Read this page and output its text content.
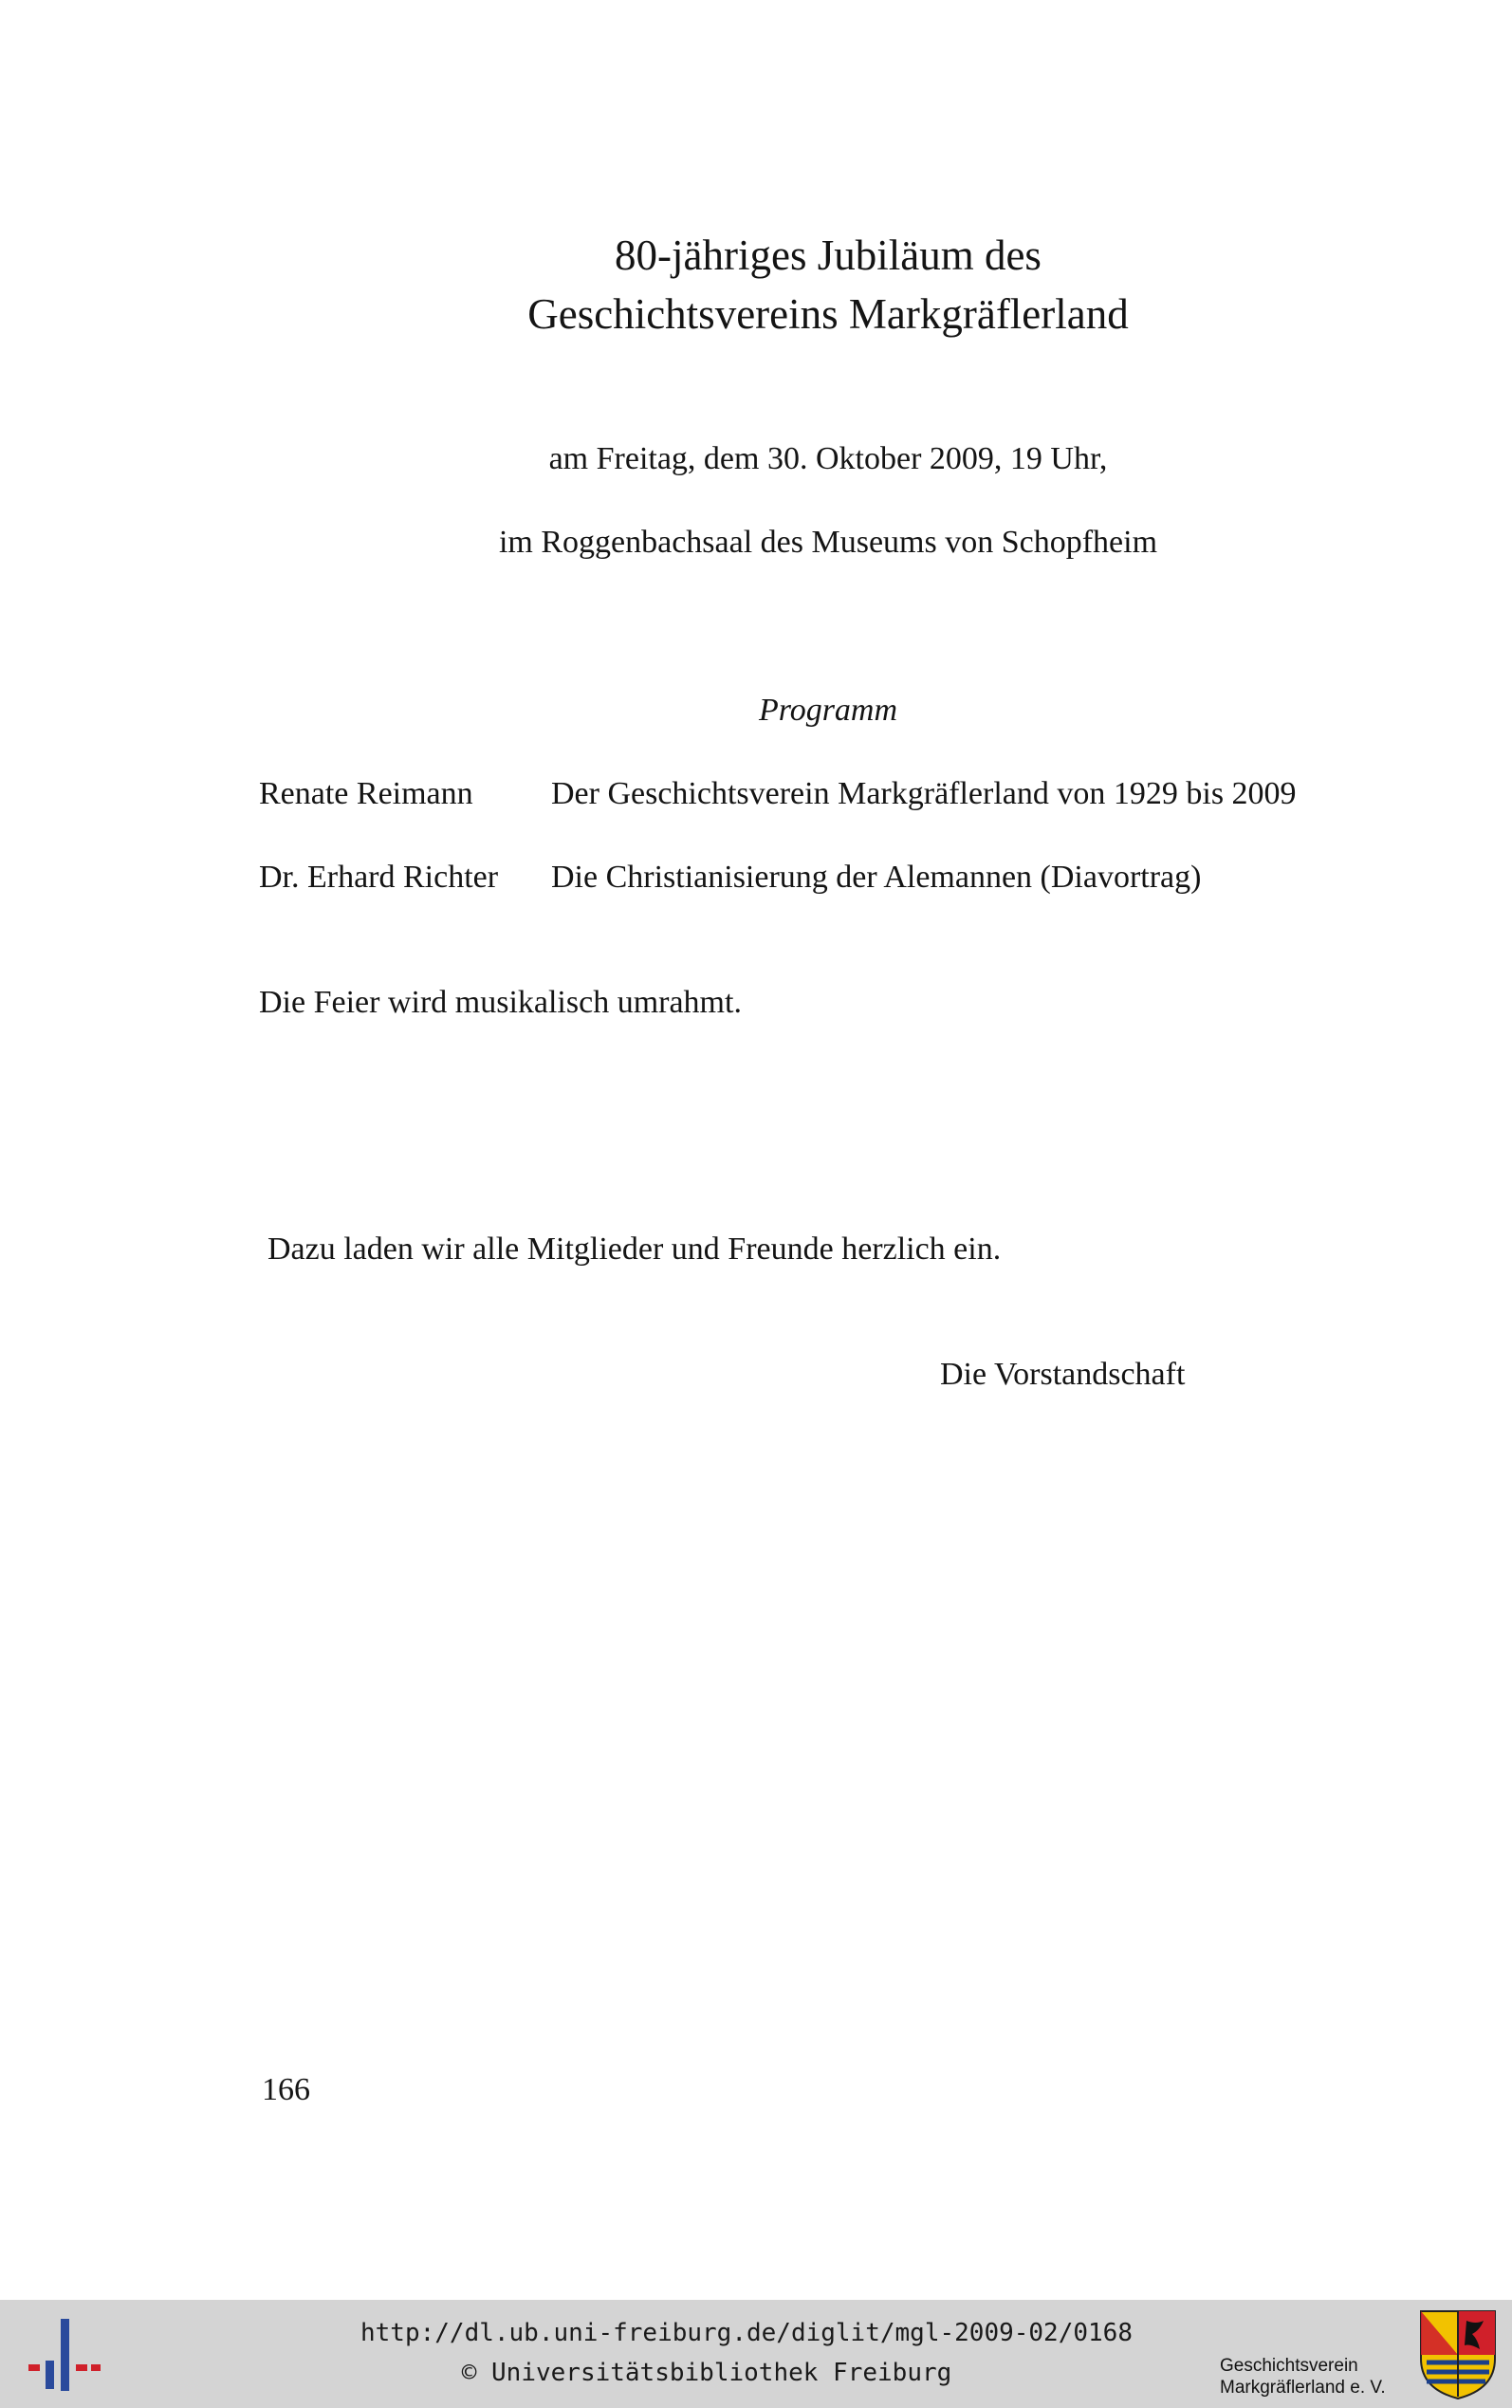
80-jähriges Jubiläum des
Geschichtsvereins Markgräflerland
am Freitag, dem 30. Oktober 2009, 19 Uhr,
im Roggenbachsaal des Museums von Schopfheim
Programm
Renate Reimann Der Geschichtsverein Markgräflerland von 1929 bis 2009
Dr. Erhard Richter Die Christianisierung der Alemannen (Diavortrag)
Die Feier wird musikalisch umrahmt.
Dazu laden wir alle Mitglieder und Freunde herzlich ein.
Die Vorstandschaft
166
http://dl.ub.uni-freiburg.de/diglit/mgl-2009-02/0168
© Universitätsbibliothek Freiburg	Geschichtsverein
Markgräflerland e. V.
